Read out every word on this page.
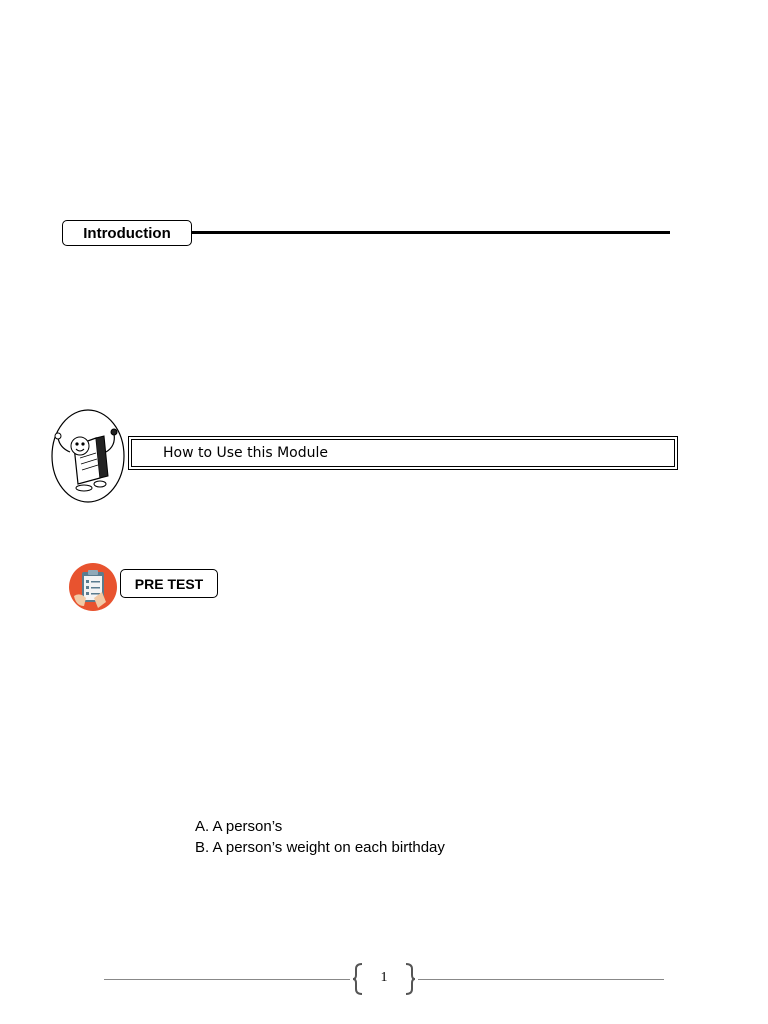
Introduction
How to Use this Module
PRE TEST
A. A person’s
B. A person’s weight on each birthday
1
